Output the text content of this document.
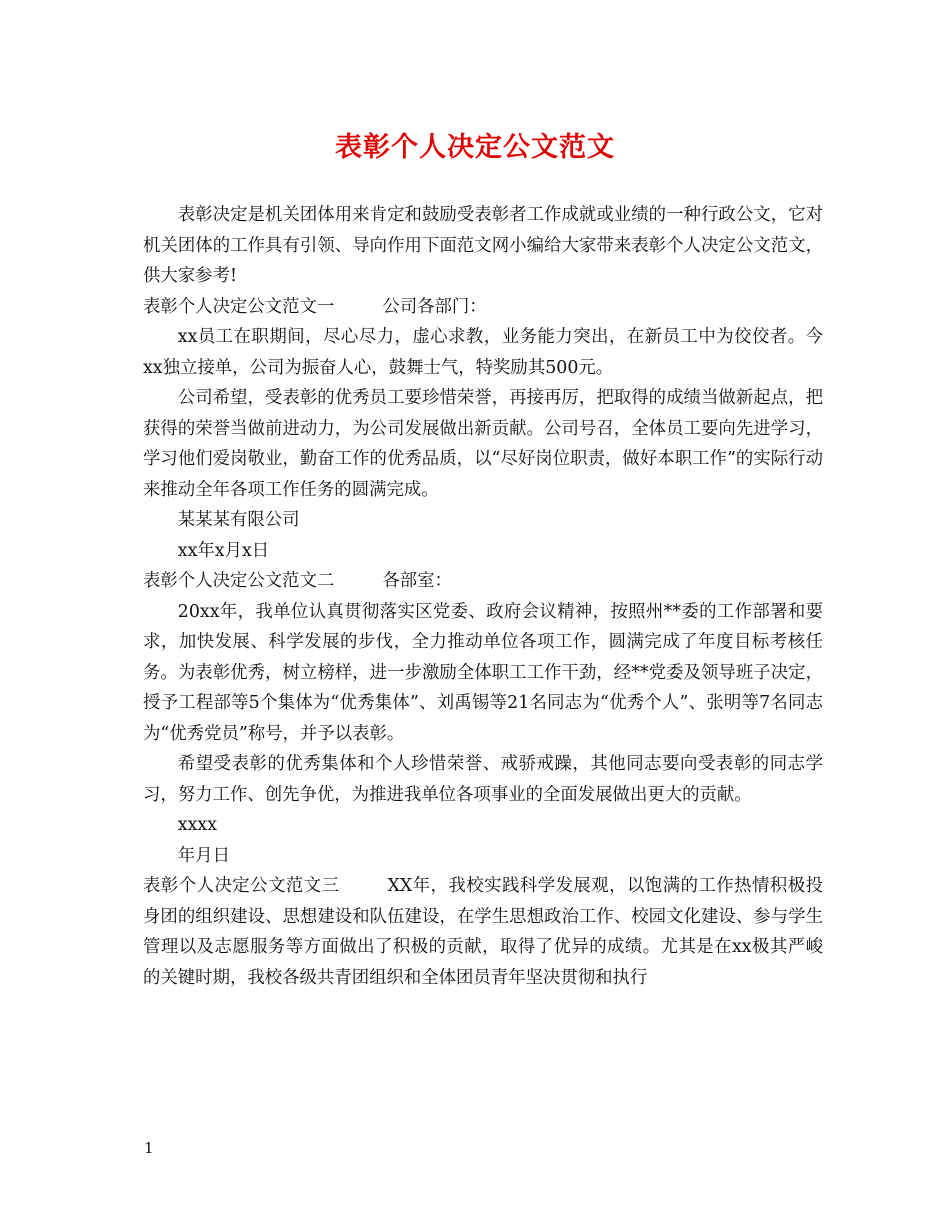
表彰个人决定公文范文

表彰决定是机关团体用来肯定和鼓励受表彰者工作成就或业绩的一种行政公文，它对机关团体的工作具有引领、导向作用下面范文网小编给大家带来表彰个人决定公文范文，供大家参考!

表彰个人决定公文范文一	公司各部门：

xx员工在职期间，尽心尽力，虚心求教，业务能力突出，在新员工中为佼佼者。今xx独立接单，公司为振奋人心，鼓舞士气，特奖励其500元。

公司希望，受表彰的优秀员工要珍惜荣誉，再接再厉，把取得的成绩当做新起点，把获得的荣誉当做前进动力，为公司发展做出新贡献。公司号召，全体员工要向先进学习，学习他们爱岗敬业，勤奋工作的优秀品质，以“尽好岗位职责，做好本职工作”的实际行动来推动全年各项工作任务的圆满完成。

某某某有限公司

xx年x月x日

表彰个人决定公文范文二	各部室：

20xx年，我单位认真贯彻落实区党委、政府会议精神，按照州**委的工作部署和要求，加快发展、科学发展的步伐，全力推动单位各项工作，圆满完成了年度目标考核任务。为表彰优秀，树立榜样，进一步激励全体职工工作干劲，经**党委及领导班子决定，授予工程部等5个集体为“优秀集体”、刘禹锡等21名同志为“优秀个人”、张明等7名同志为“优秀党员”称号，并予以表彰。

希望受表彰的优秀集体和个人珍惜荣誉、戒骄戒躁，其他同志要向受表彰的同志学习，努力工作、创先争优，为推进我单位各项事业的全面发展做出更大的贡献。

xxxx

年月日

表彰个人决定公文范文三	XX年，我校实践科学发展观，以饱满的工作热情积极投身团的组织建设、思想建设和队伍建设，在学生思想政治工作、校园文化建设、参与学生管理以及志愿服务等方面做出了积极的贡献，取得了优异的成绩。尤其是在xx极其严峻的关键时期，我校各级共青团组织和全体团员青年坚决贯彻和执行

1
